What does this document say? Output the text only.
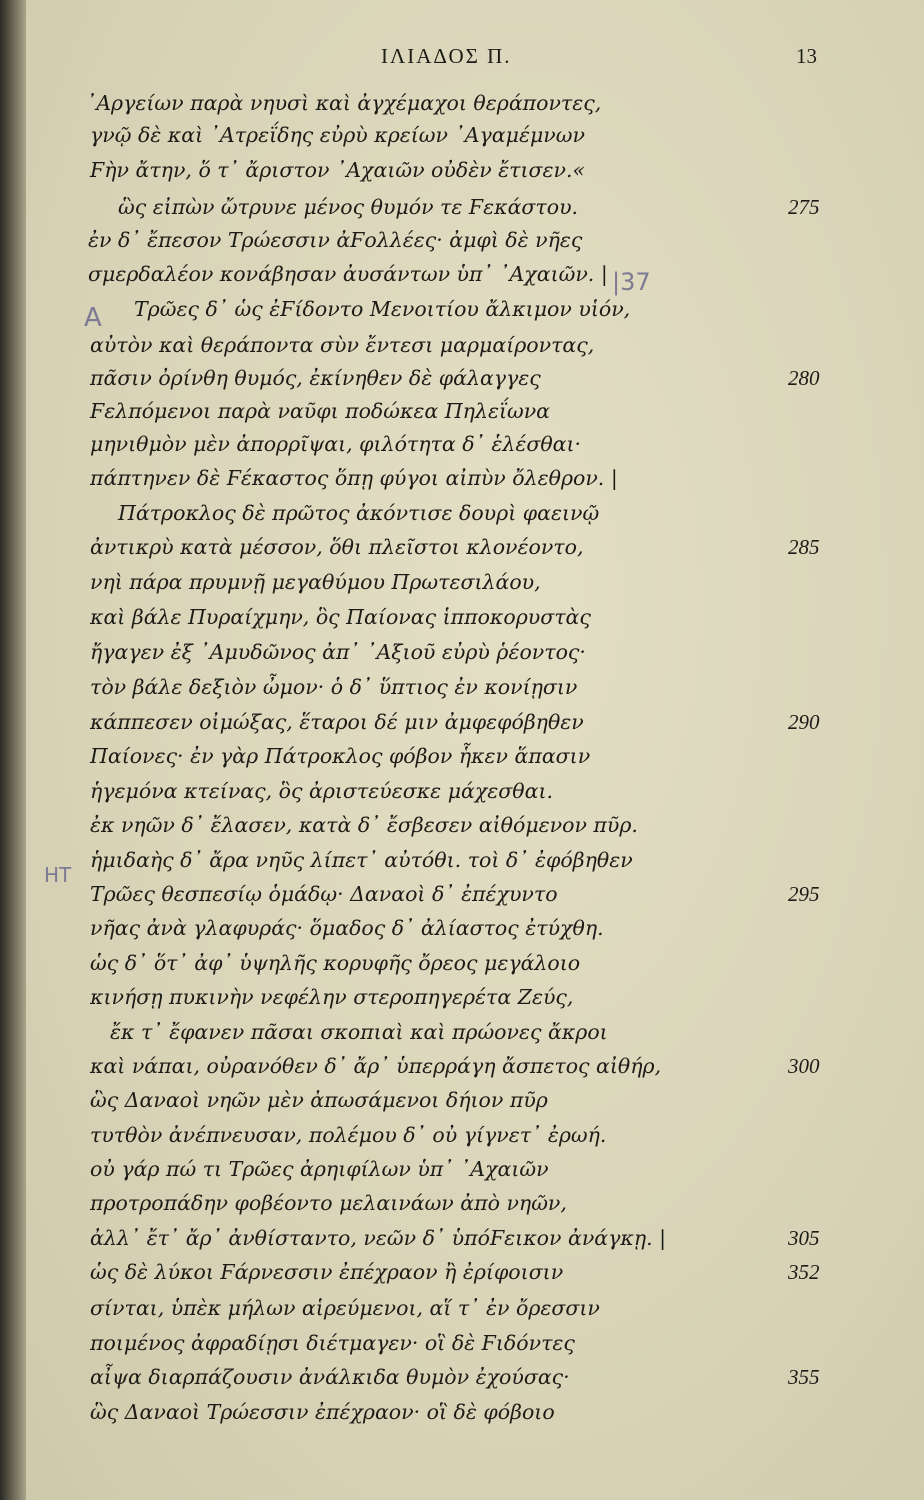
ΙΛΙΑΔΟΣ Π.	13
᾿Αργείων παρὰ νηυσὶ καὶ ἀγχέμαχοι θεράποντες,
γνῷ δὲ καὶ ᾿Ατρεΐδης εὐρὺ κρείων ᾿Αγαμέμνων
Ϝὴν ἄτην, ὅ τ᾿ ἄριστον ᾿Αχαιῶν οὐδὲν ἔτισεν.«
ὣς εἰπὼν ὤτρυνε μένος θυμόν τε Ϝεκάστου.	275
ἐν δ᾿ ἔπεσον Τρώεσσιν ἀϜολλέες· ἀμφὶ δὲ νῆες
σμερδαλέον κονάβησαν ἀυσάντων ὑπ᾿ ᾿Αχαιῶν. |
Τρῶες δ᾿ ὡς ἐϜίδοντο Μενοιτίου ἄλκιμον υἱόν,
αὐτὸν καὶ θεράποντα σὺν ἔντεσι μαρμαίροντας,
πᾶσιν ὀρίνθη θυμός, ἐκίνηθεν δὲ φάλαγγες	280
Ϝελπόμενοι παρὰ ναῦφι ποδώκεα Πηλεΐωνα
μηνιθμὸν μὲν ἀπορρῖψαι, φιλότητα δ᾿ ἑλέσθαι·
πάπτηνεν δὲ Ϝέκαστος ὅπῃ φύγοι αἰπὺν ὄλεθρον. |
Πάτροκλος δὲ πρῶτος ἀκόντισε δουρὶ φαεινῷ
ἀντικρὺ κατὰ μέσσον, ὅθι πλεῖστοι κλονέοντο,	285
νηὶ πάρα πρυμνῇ μεγαθύμου Πρωτεσιλάου,
καὶ βάλε Πυραίχμην, ὃς Παίονας ἱπποκορυστὰς
ἤγαγεν ἐξ ᾿Αμυδῶνος ἀπ᾿ ᾿Αξιοῦ εὐρὺ ῥέοντος·
τὸν βάλε δεξιὸν ὦμον· ὁ δ᾿ ὕπτιος ἐν κονίῃσιν
κάππεσεν οἰμώξας, ἕταροι δέ μιν ἀμφεφόβηθεν	290
Παίονες· ἐν γὰρ Πάτροκλος φόβον ἧκεν ἅπασιν
ἡγεμόνα κτείνας, ὃς ἀριστεύεσκε μάχεσθαι.
ἐκ νηῶν δ᾿ ἔλασεν, κατὰ δ᾿ ἔσβεσεν αἰθόμενον πῦρ.
ἡμιδαὴς δ᾿ ἄρα νηῦς λίπετ᾿ αὐτόθι. τοὶ δ᾿ ἐφόβηθεν
Τρῶες θεσπεσίῳ ὁμάδῳ· Δαναοὶ δ᾿ ἐπέχυντο	295
νῆας ἀνὰ γλαφυράς· ὅμαδος δ᾿ ἀλίαστος ἐτύχθη.
ὡς δ᾿ ὅτ᾿ ἀφ᾿ ὑψηλῆς κορυφῆς ὄρεος μεγάλοιο
κινήσῃ πυκινὴν νεφέλην στεροπηγερέτα Ζεύς,
ἔκ τ᾿ ἔφανεν πᾶσαι σκοπιαὶ καὶ πρώονες ἄκροι
καὶ νάπαι, οὐρανόθεν δ᾿ ἄρ᾿ ὑπερράγη ἄσπετος αἰθήρ,	300
ὣς Δαναοὶ νηῶν μὲν ἀπωσάμενοι δήιον πῦρ
τυτθὸν ἀνέπνευσαν, πολέμου δ᾿ οὐ γίγνετ᾿ ἐρωή.
οὐ γάρ πώ τι Τρῶες ἀρηιφίλων ὑπ᾿ ᾿Αχαιῶν
προτροπάδην φοβέοντο μελαινάων ἀπὸ νηῶν,
ἀλλ᾿ ἔτ᾿ ἄρ᾿ ἀνθίσταντο, νεῶν δ᾿ ὑπόϜεικον ἀνάγκῃ. |	305
ὡς δὲ λύκοι Ϝάρνεσσιν ἐπέχραον ἢ ἐρίφοισιν	352
σίνται, ὑπὲκ μήλων αἱρεύμενοι, αἵ τ᾿ ἐν ὄρεσσιν
ποιμένος ἀφραδίῃσι διέτμαγεν· οἳ δὲ Ϝιδόντες
αἶψα διαρπάζουσιν ἀνάλκιδα θυμὸν ἐχούσας·	355
ὣς Δαναοὶ Τρώεσσιν ἐπέχραον· οἳ δὲ φόβοιο
A
|37
HT
